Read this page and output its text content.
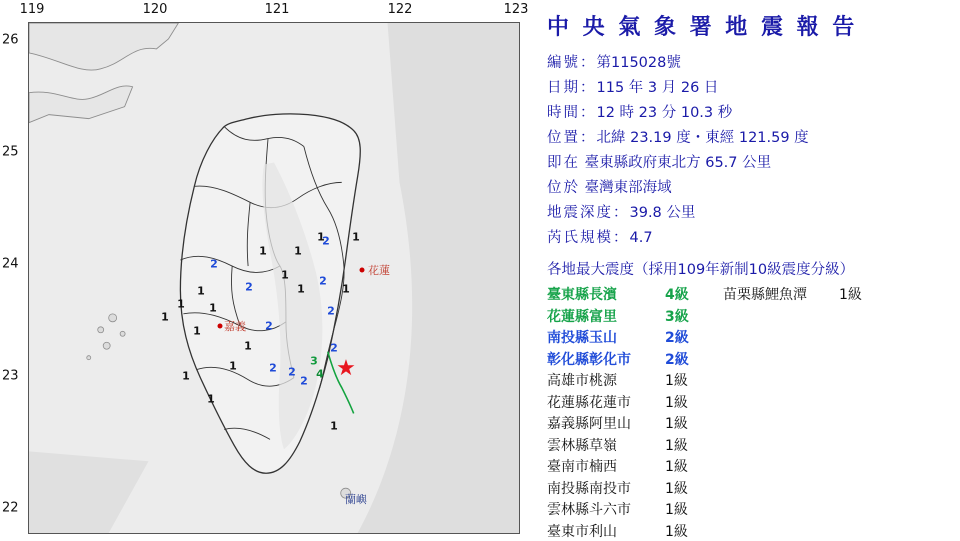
119	120	121	122	123
26
25
24
23
22
1
1
1
1
1
1
1
1
1
1
1
1
1
1 1
1
1
2
2
2
2 2
2
2
2
2
2
3
4
花蓮
嘉義
蘭嶼
★
中 央 氣 象 署 地 震 報 告
編號：第115028號
日期：115 年 3 月 26 日
時間：12 時 23 分 10.3 秒
位置：北緯 23.19 度・東經 121.59 度
即在 臺東縣政府東北方 65.7 公里
位於 臺灣東部海域
地震深度：39.8 公里
芮氏規模：4.7
各地最大震度（採用109年新制10級震度分級）
臺東縣長濱	4級	苗栗縣鯉魚潭	1級
花蓮縣富里	3級
南投縣玉山	2級
彰化縣彰化市	2級
高雄市桃源	1級
花蓮縣花蓮市	1級
嘉義縣阿里山	1級
雲林縣草嶺	1級
臺南市楠西	1級
南投縣南投市	1級
雲林縣斗六市	1級
臺東市利山	1級
